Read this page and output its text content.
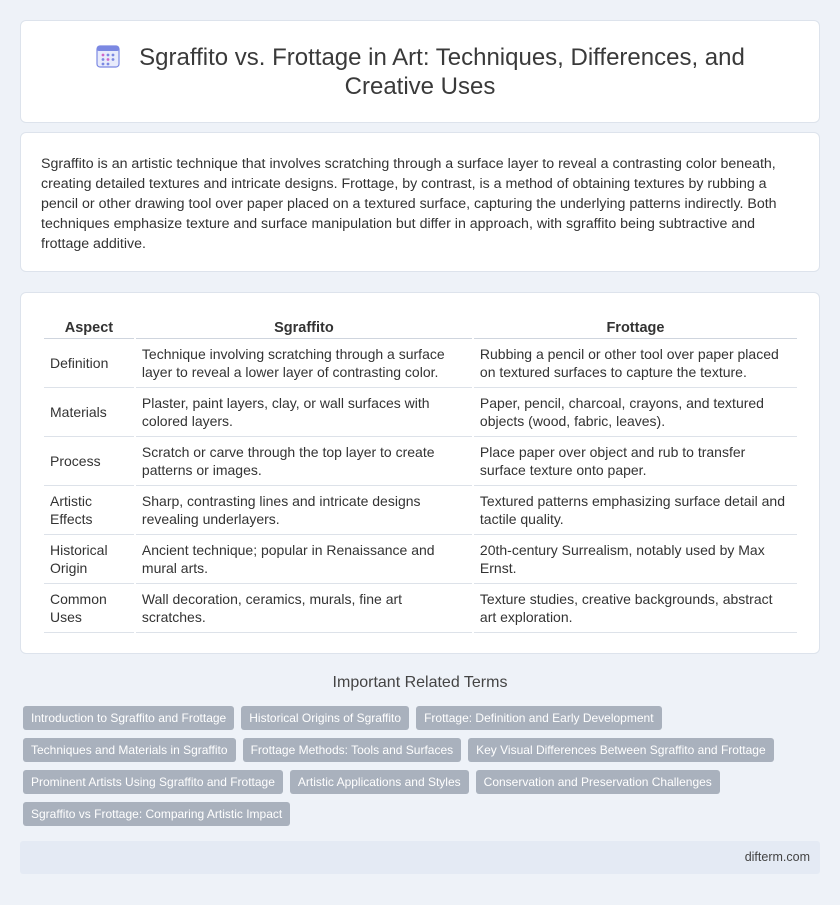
Sgraffito vs. Frottage in Art: Techniques, Differences, and Creative Uses

Sgraffito is an artistic technique that involves scratching through a surface layer to reveal a contrasting color beneath, creating detailed textures and intricate designs. Frottage, by contrast, is a method of obtaining textures by rubbing a pencil or other drawing tool over paper placed on a textured surface, capturing the underlying patterns indirectly. Both techniques emphasize texture and surface manipulation but differ in approach, with sgraffito being subtractive and frottage additive.

Aspect	Sgraffito	Frottage
Definition	Technique involving scratching through a surface layer to reveal a lower layer of contrasting color.	Rubbing a pencil or other tool over paper placed on textured surfaces to capture the texture.
Materials	Plaster, paint layers, clay, or wall surfaces with colored layers.	Paper, pencil, charcoal, crayons, and textured objects (wood, fabric, leaves).
Process	Scratch or carve through the top layer to create patterns or images.	Place paper over object and rub to transfer surface texture onto paper.
Artistic Effects	Sharp, contrasting lines and intricate designs revealing underlayers.	Textured patterns emphasizing surface detail and tactile quality.
Historical Origin	Ancient technique; popular in Renaissance and mural arts.	20th-century Surrealism, notably used by Max Ernst.
Common Uses	Wall decoration, ceramics, murals, fine art scratches.	Texture studies, creative backgrounds, abstract art exploration.
Important Related Terms
Introduction to Sgraffito and Frottage	Historical Origins of Sgraffito	Frottage: Definition and Early Development
Techniques and Materials in Sgraffito	Frottage Methods: Tools and Surfaces	Key Visual Differences Between Sgraffito and Frottage
Prominent Artists Using Sgraffito and Frottage	Artistic Applications and Styles	Conservation and Preservation Challenges
Sgraffito vs Frottage: Comparing Artistic Impact
difterm.com
